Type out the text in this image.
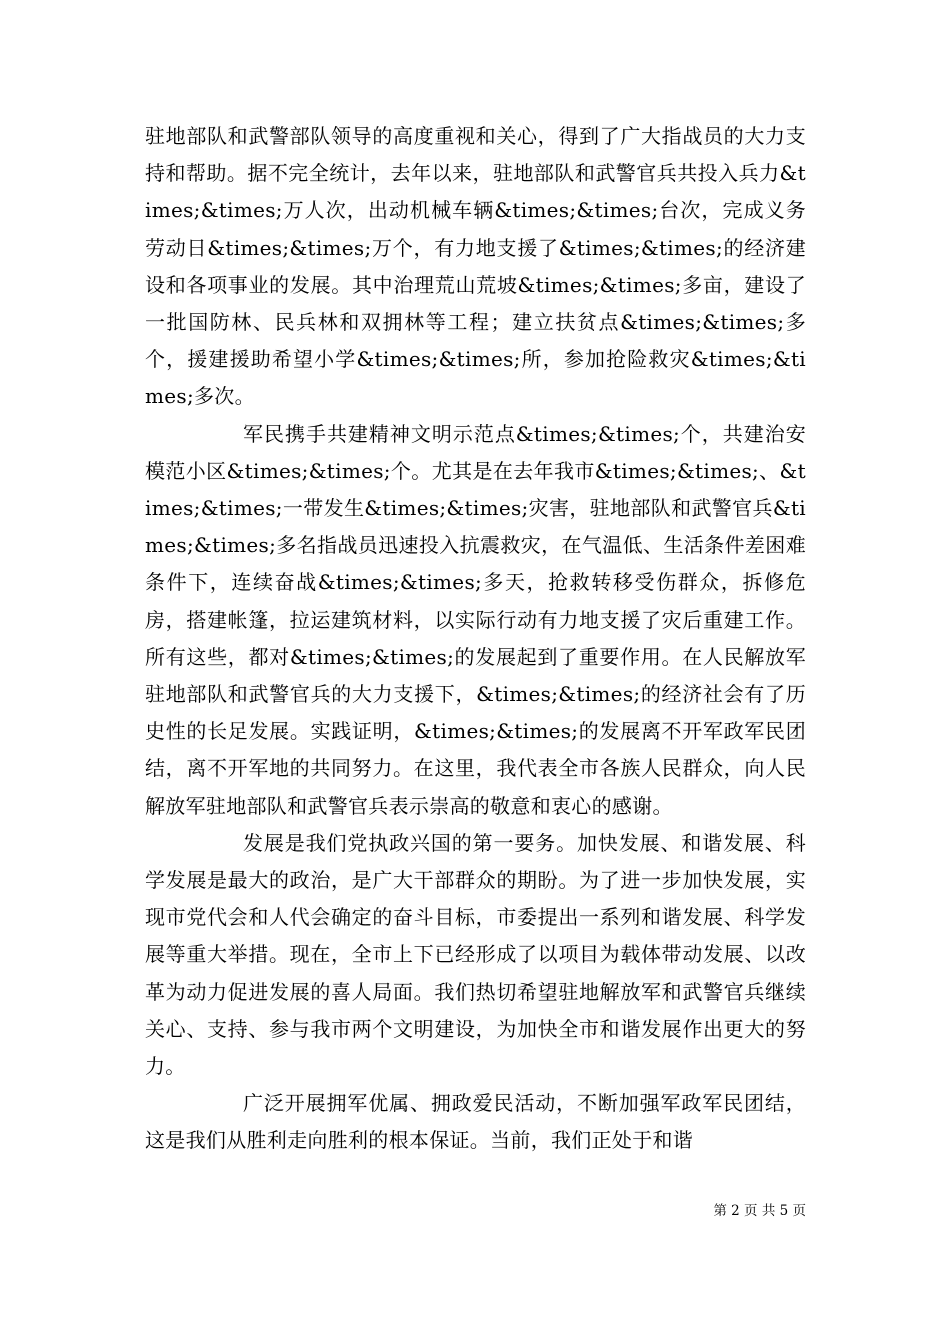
驻地部队和武警部队领导的高度重视和关心，得到了广大指战员的大力支持和帮助。据不完全统计，去年以来，驻地部队和武警官兵共投入兵力&times;&times;万人次，出动机械车辆&times;&times;台次，完成义务劳动日&times;&times;万个，有力地支援了&times;&times;的经济建设和各项事业的发展。其中治理荒山荒坡&times;&times;多亩，建设了一批国防林、民兵林和双拥林等工程；建立扶贫点&times;&times;多个，援建援助希望小学&times;&times;所，参加抢险救灾&times;&times;多次。

军民携手共建精神文明示范点&times;&times;个，共建治安模范小区&times;&times;个。尤其是在去年我市&times;&times;、&times;&times;一带发生&times;&times;灾害，驻地部队和武警官兵&times;&times;多名指战员迅速投入抗震救灾，在气温低、生活条件差困难条件下，连续奋战&times;&times;多天，抢救转移受伤群众，拆修危房，搭建帐篷，拉运建筑材料，以实际行动有力地支援了灾后重建工作。所有这些，都对&times;&times;的发展起到了重要作用。在人民解放军驻地部队和武警官兵的大力支援下，&times;&times;的经济社会有了历史性的长足发展。实践证明，&times;&times;的发展离不开军政军民团结，离不开军地的共同努力。在这里，我代表全市各族人民群众，向人民解放军驻地部队和武警官兵表示崇高的敬意和衷心的感谢。

发展是我们党执政兴国的第一要务。加快发展、和谐发展、科学发展是最大的政治，是广大干部群众的期盼。为了进一步加快发展，实现市党代会和人代会确定的奋斗目标，市委提出一系列和谐发展、科学发展等重大举措。现在，全市上下已经形成了以项目为载体带动发展、以改革为动力促进发展的喜人局面。我们热切希望驻地解放军和武警官兵继续关心、支持、参与我市两个文明建设，为加快全市和谐发展作出更大的努力。

广泛开展拥军优属、拥政爱民活动，不断加强军政军民团结，这是我们从胜利走向胜利的根本保证。当前，我们正处于和谐

第 2 页 共 5 页
